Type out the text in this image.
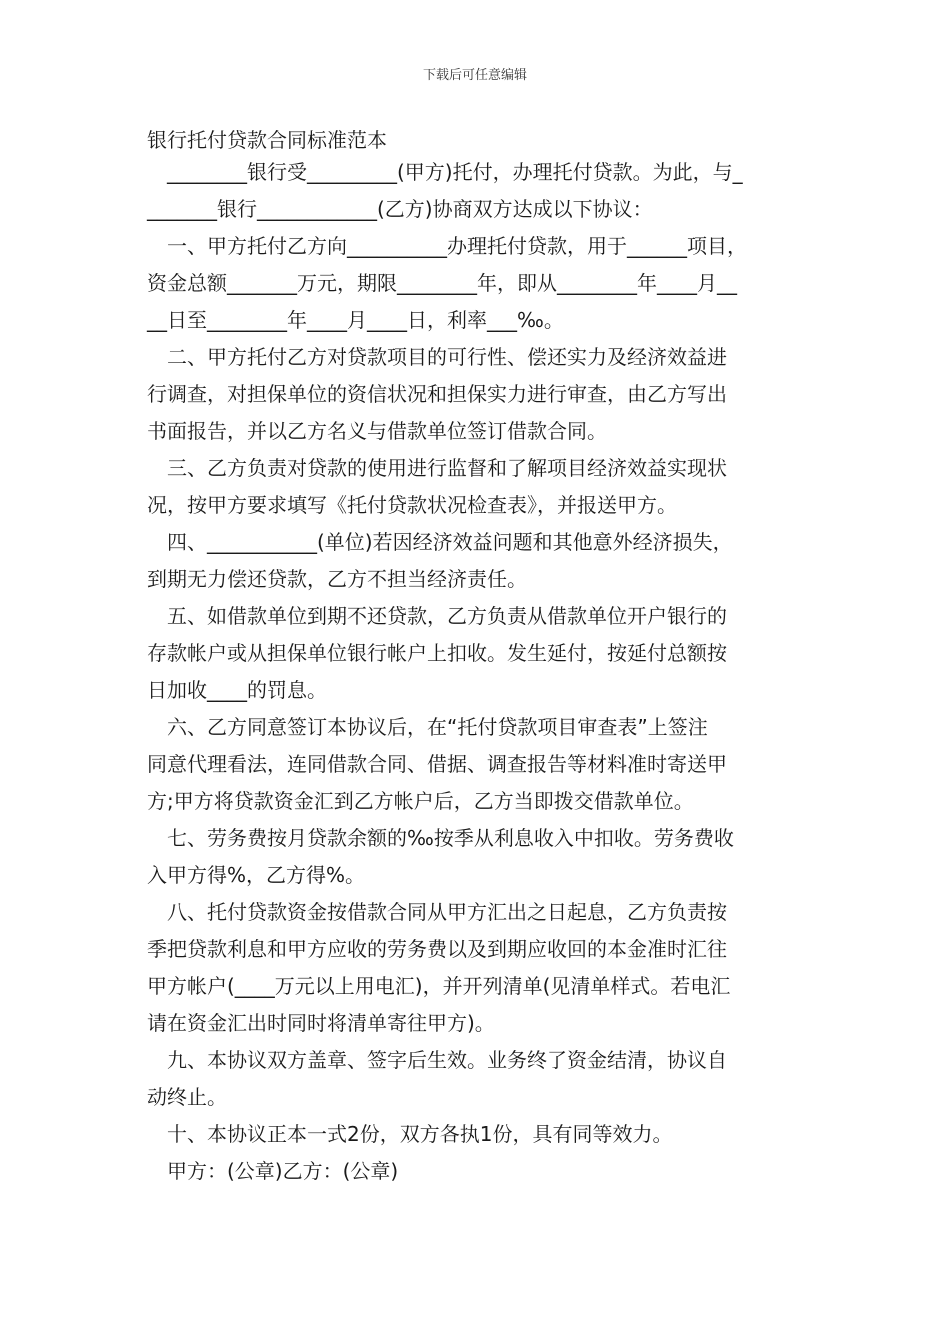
下载后可任意编辑
银行托付贷款合同标准范本

________银行受_________(甲方)托付，办理托付贷款。为此，与_
_______银行____________(乙方)协商双方达成以下协议：

一、甲方托付乙方向__________办理托付贷款，用于______项目，
资金总额_______万元，期限________年，即从________年____月__
__日至________年____月____日，利率___‰。

二、甲方托付乙方对贷款项目的可行性、偿还实力及经济效益进
行调查，对担保单位的资信状况和担保实力进行审查，由乙方写出
书面报告，并以乙方名义与借款单位签订借款合同。

三、乙方负责对贷款的使用进行监督和了解项目经济效益实现状
况，按甲方要求填写《托付贷款状况检查表》，并报送甲方。

四、___________(单位)若因经济效益问题和其他意外经济损失，
到期无力偿还贷款，乙方不担当经济责任。

五、如借款单位到期不还贷款，乙方负责从借款单位开户银行的
存款帐户或从担保单位银行帐户上扣收。发生延付，按延付总额按
日加收____的罚息。

六、乙方同意签订本协议后，在“托付贷款项目审查表”上签注
同意代理看法，连同借款合同、借据、调查报告等材料准时寄送甲
方;甲方将贷款资金汇到乙方帐户后，乙方当即拨交借款单位。

七、劳务费按月贷款余额的‰按季从利息收入中扣收。劳务费收
入甲方得%，乙方得%。

八、托付贷款资金按借款合同从甲方汇出之日起息，乙方负责按
季把贷款利息和甲方应收的劳务费以及到期应收回的本金准时汇往
甲方帐户(____万元以上用电汇)，并开列清单(见清单样式。若电汇
请在资金汇出时同时将清单寄往甲方)。

九、本协议双方盖章、签字后生效。业务终了资金结清，协议自
动终止。

十、本协议正本一式2份，双方各执1份，具有同等效力。

甲方：(公章)乙方：(公章)
